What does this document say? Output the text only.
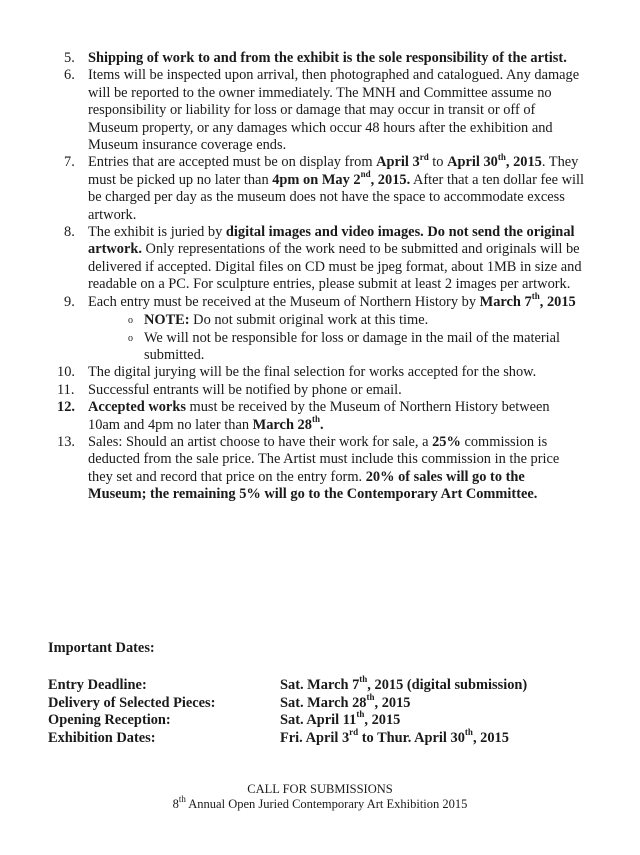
5. Shipping of work to and from the exhibit is the sole responsibility of the artist.
6. Items will be inspected upon arrival, then photographed and catalogued. Any damage will be reported to the owner immediately. The MNH and Committee assume no responsibility or liability for loss or damage that may occur in transit or off of Museum property, or any damages which occur 48 hours after the exhibition and Museum insurance coverage ends.
7. Entries that are accepted must be on display from April 3rd to April 30th, 2015. They must be picked up no later than 4pm on May 2nd, 2015. After that a ten dollar fee will be charged per day as the museum does not have the space to accommodate excess artwork.
8. The exhibit is juried by digital images and video images. Do not send the original artwork. Only representations of the work need to be submitted and originals will be delivered if accepted. Digital files on CD must be jpeg format, about 1MB in size and readable on a PC. For sculpture entries, please submit at least 2 images per artwork.
9. Each entry must be received at the Museum of Northern History by March 7th, 2015
o NOTE: Do not submit original work at this time.
o We will not be responsible for loss or damage in the mail of the material submitted.
10. The digital jurying will be the final selection for works accepted for the show.
11. Successful entrants will be notified by phone or email.
12. Accepted works must be received by the Museum of Northern History between 10am and 4pm no later than March 28th.
13. Sales: Should an artist choose to have their work for sale, a 25% commission is deducted from the sale price. The Artist must include this commission in the price they set and record that price on the entry form. 20% of sales will go to the Museum; the remaining 5% will go to the Contemporary Art Committee.
Important Dates:
Entry Deadline:	Sat. March 7th, 2015 (digital submission)
Delivery of Selected Pieces:	Sat. March 28th, 2015
Opening Reception:	Sat. April 11th, 2015
Exhibition Dates:	Fri. April 3rd to Thur. April 30th, 2015
CALL FOR SUBMISSIONS
8th Annual Open Juried Contemporary Art Exhibition 2015
